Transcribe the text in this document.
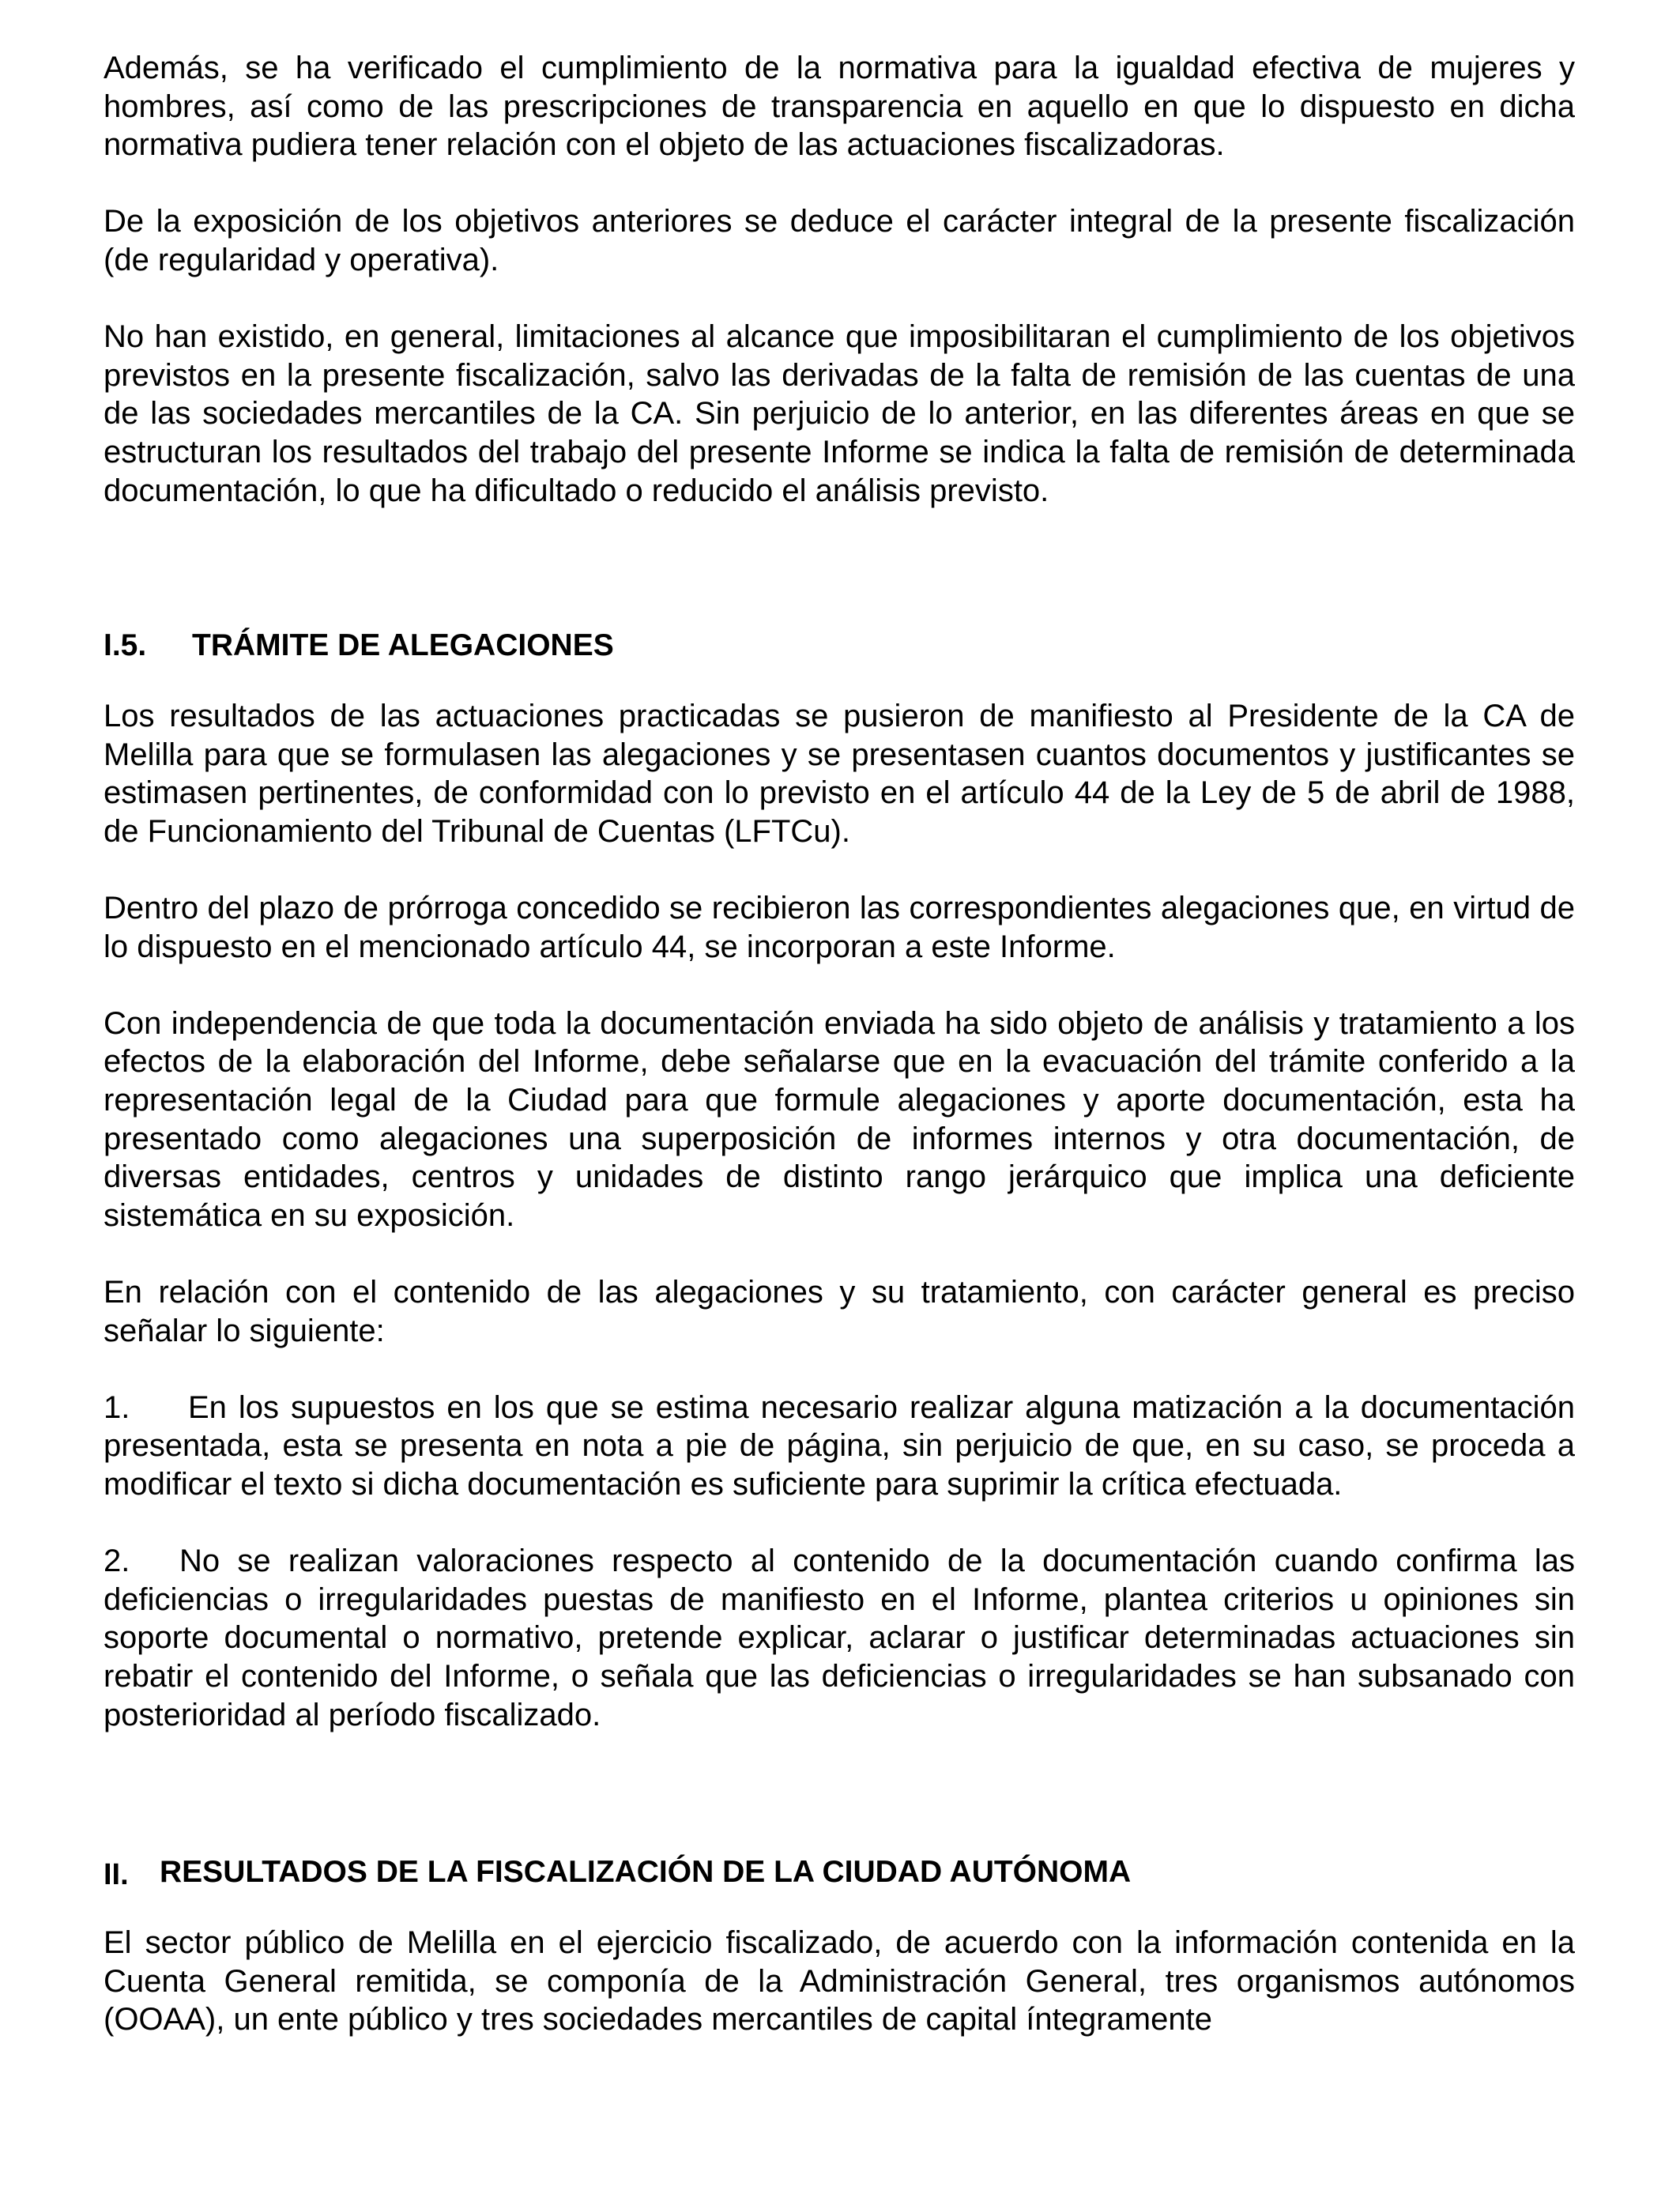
Además, se ha verificado el cumplimiento de la normativa para la igualdad efectiva de mujeres y hombres, así como de las prescripciones de transparencia en aquello en que lo dispuesto en dicha normativa pudiera tener relación con el objeto de las actuaciones fiscalizadoras.

De la exposición de los objetivos anteriores se deduce el carácter integral de la presente fiscalización (de regularidad y operativa).

No han existido, en general, limitaciones al alcance que imposibilitaran el cumplimiento de los objetivos previstos en la presente fiscalización, salvo las derivadas de la falta de remisión de las cuentas de una de las sociedades mercantiles de la CA. Sin perjuicio de lo anterior, en las diferentes áreas en que se estructuran los resultados del trabajo del presente Informe se indica la falta de remisión de determinada documentación, lo que ha dificultado o reducido el análisis previsto.

I.5.	TRÁMITE DE ALEGACIONES

Los resultados de las actuaciones practicadas se pusieron de manifiesto al Presidente de la CA de Melilla para que se formulasen las alegaciones y se presentasen cuantos documentos y justificantes se estimasen pertinentes, de conformidad con lo previsto en el artículo 44 de la Ley de 5 de abril de 1988, de Funcionamiento del Tribunal de Cuentas (LFTCu).

Dentro del plazo de prórroga concedido se recibieron las correspondientes alegaciones que, en virtud de lo dispuesto en el mencionado artículo 44, se incorporan a este Informe.

Con independencia de que toda la documentación enviada ha sido objeto de análisis y tratamiento a los efectos de la elaboración del Informe, debe señalarse que en la evacuación del trámite conferido a la representación legal de la Ciudad para que formule alegaciones y aporte documentación, esta ha presentado como alegaciones una superposición de informes internos y otra documentación, de diversas entidades, centros y unidades de distinto rango jerárquico que implica una deficiente sistemática en su exposición.

En relación con el contenido de las alegaciones y su tratamiento, con carácter general es preciso señalar lo siguiente:

1. En los supuestos en los que se estima necesario realizar alguna matización a la documentación presentada, esta se presenta en nota a pie de página, sin perjuicio de que, en su caso, se proceda a modificar el texto si dicha documentación es suficiente para suprimir la crítica efectuada.

2. No se realizan valoraciones respecto al contenido de la documentación cuando confirma las deficiencias o irregularidades puestas de manifiesto en el Informe, plantea criterios u opiniones sin soporte documental o normativo, pretende explicar, aclarar o justificar determinadas actuaciones sin rebatir el contenido del Informe, o señala que las deficiencias o irregularidades se han subsanado con posterioridad al período fiscalizado.

II.	RESULTADOS DE LA FISCALIZACIÓN DE LA CIUDAD AUTÓNOMA

El sector público de Melilla en el ejercicio fiscalizado, de acuerdo con la información contenida en la Cuenta General remitida, se componía de la Administración General, tres organismos autónomos (OOAA), un ente público y tres sociedades mercantiles de capital íntegramente
